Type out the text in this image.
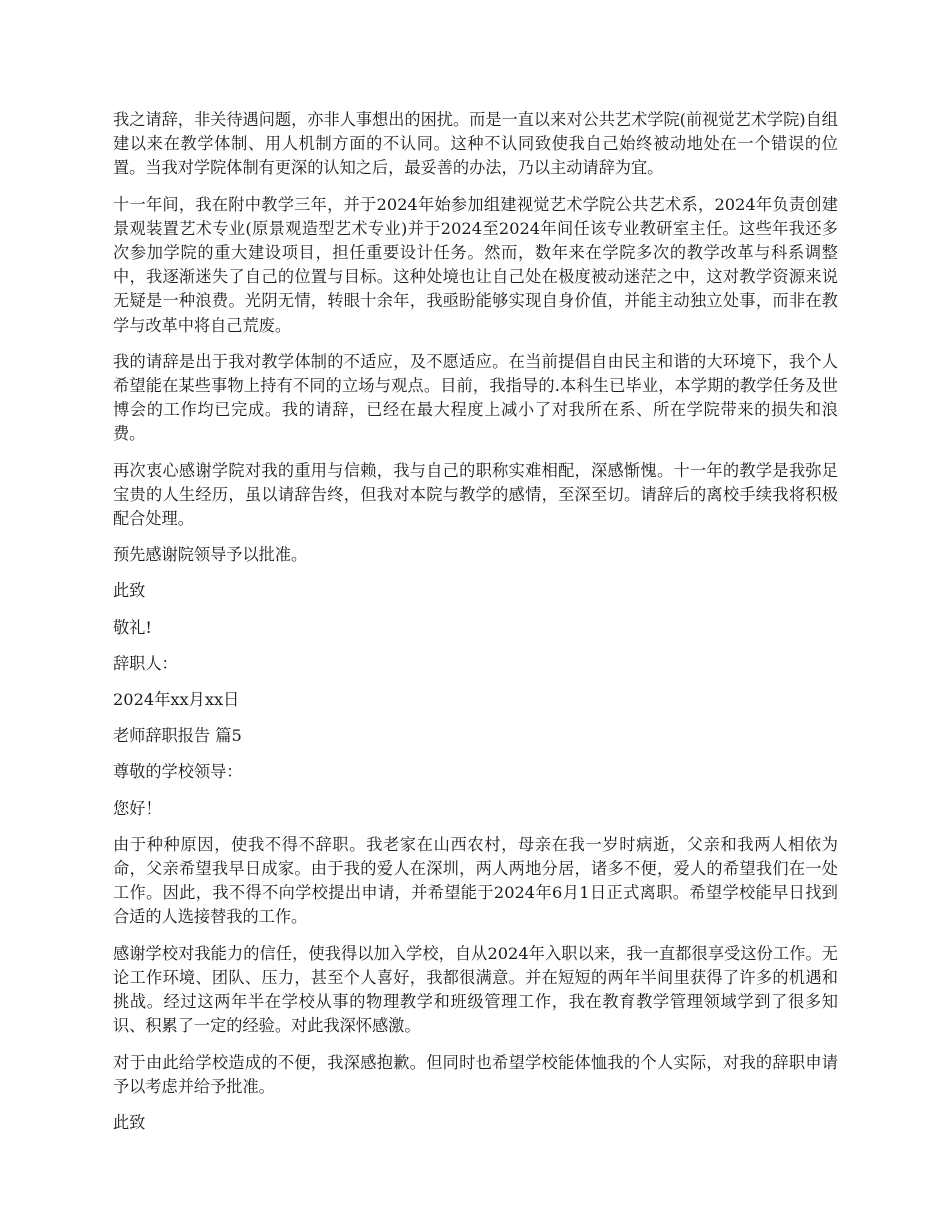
我之请辞，非关待遇问题，亦非人事想出的困扰。而是一直以来对公共艺术学院(前视觉艺术学院)自组建以来在教学体制、用人机制方面的不认同。这种不认同致使我自己始终被动地处在一个错误的位置。当我对学院体制有更深的认知之后，最妥善的办法，乃以主动请辞为宜。

十一年间，我在附中教学三年，并于2024年始参加组建视觉艺术学院公共艺术系，2024年负责创建景观装置艺术专业(原景观造型艺术专业)并于2024至2024年间任该专业教研室主任。这些年我还多次参加学院的重大建设项目，担任重要设计任务。然而，数年来在学院多次的教学改革与科系调整中，我逐渐迷失了自己的位置与目标。这种处境也让自己处在极度被动迷茫之中，这对教学资源来说无疑是一种浪费。光阴无情，转眼十余年，我亟盼能够实现自身价值，并能主动独立处事，而非在教学与改革中将自己荒废。

我的请辞是出于我对教学体制的不适应，及不愿适应。在当前提倡自由民主和谐的大环境下，我个人希望能在某些事物上持有不同的立场与观点。目前，我指导的.本科生已毕业，本学期的教学任务及世博会的工作均已完成。我的请辞，已经在最大程度上减小了对我所在系、所在学院带来的损失和浪费。

再次衷心感谢学院对我的重用与信赖，我与自己的职称实难相配，深感惭愧。十一年的教学是我弥足宝贵的人生经历，虽以请辞告终，但我对本院与教学的感情，至深至切。请辞后的离校手续我将积极配合处理。

预先感谢院领导予以批准。

此致

敬礼!

辞职人：

2024年xx月xx日

老师辞职报告 篇5

尊敬的学校领导：

您好！

由于种种原因，使我不得不辞职。我老家在山西农村，母亲在我一岁时病逝，父亲和我两人相依为命，父亲希望我早日成家。由于我的爱人在深圳，两人两地分居，诸多不便，爱人的希望我们在一处工作。因此，我不得不向学校提出申请，并希望能于2024年6月1日正式离职。希望学校能早日找到合适的人选接替我的工作。

感谢学校对我能力的信任，使我得以加入学校，自从2024年入职以来，我一直都很享受这份工作。无论工作环境、团队、压力，甚至个人喜好，我都很满意。并在短短的两年半间里获得了许多的机遇和挑战。经过这两年半在学校从事的物理教学和班级管理工作，我在教育教学管理领域学到了很多知识、积累了一定的经验。对此我深怀感激。

对于由此给学校造成的不便，我深感抱歉。但同时也希望学校能体恤我的个人实际，对我的辞职申请予以考虑并给予批准。

此致
